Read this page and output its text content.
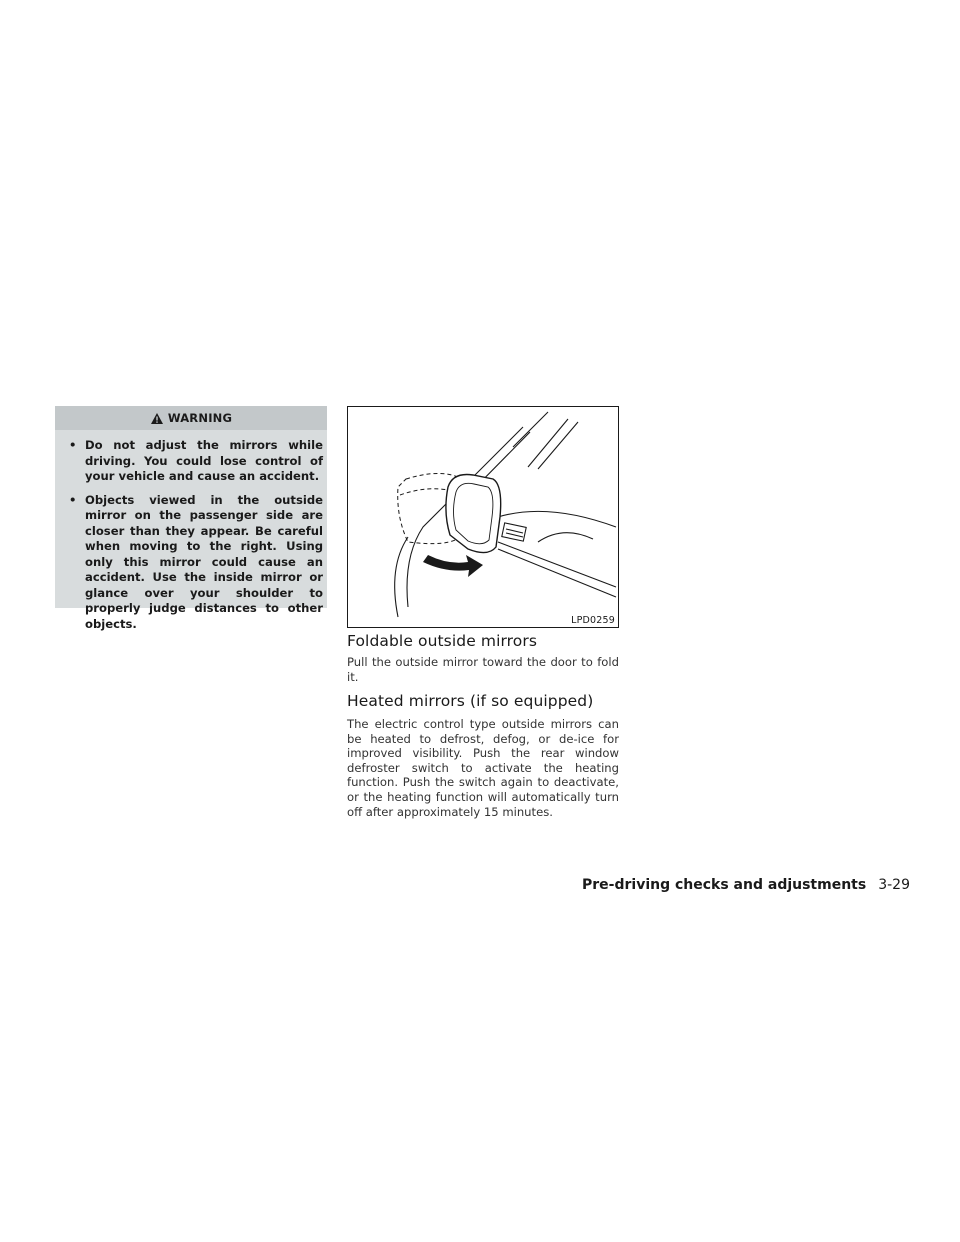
WARNING
• Do not adjust the mirrors while driving. You could lose control of your vehicle and cause an accident.
• Objects viewed in the outside mirror on the passenger side are closer than they appear. Be careful when moving to the right. Using only this mirror could cause an accident. Use the inside mirror or glance over your shoulder to properly judge distances to other objects.	LPD0259
Foldable outside mirrors

Pull the outside mirror toward the door to fold it.

Heated mirrors (if so equipped)

The electric control type outside mirrors can be heated to defrost, defog, or de-ice for improved visibility. Push the rear window defroster switch to activate the heating function. Push the switch again to deactivate, or the heating function will automatically turn off after approximately 15 minutes.

Pre-driving checks and adjustments 3-29
